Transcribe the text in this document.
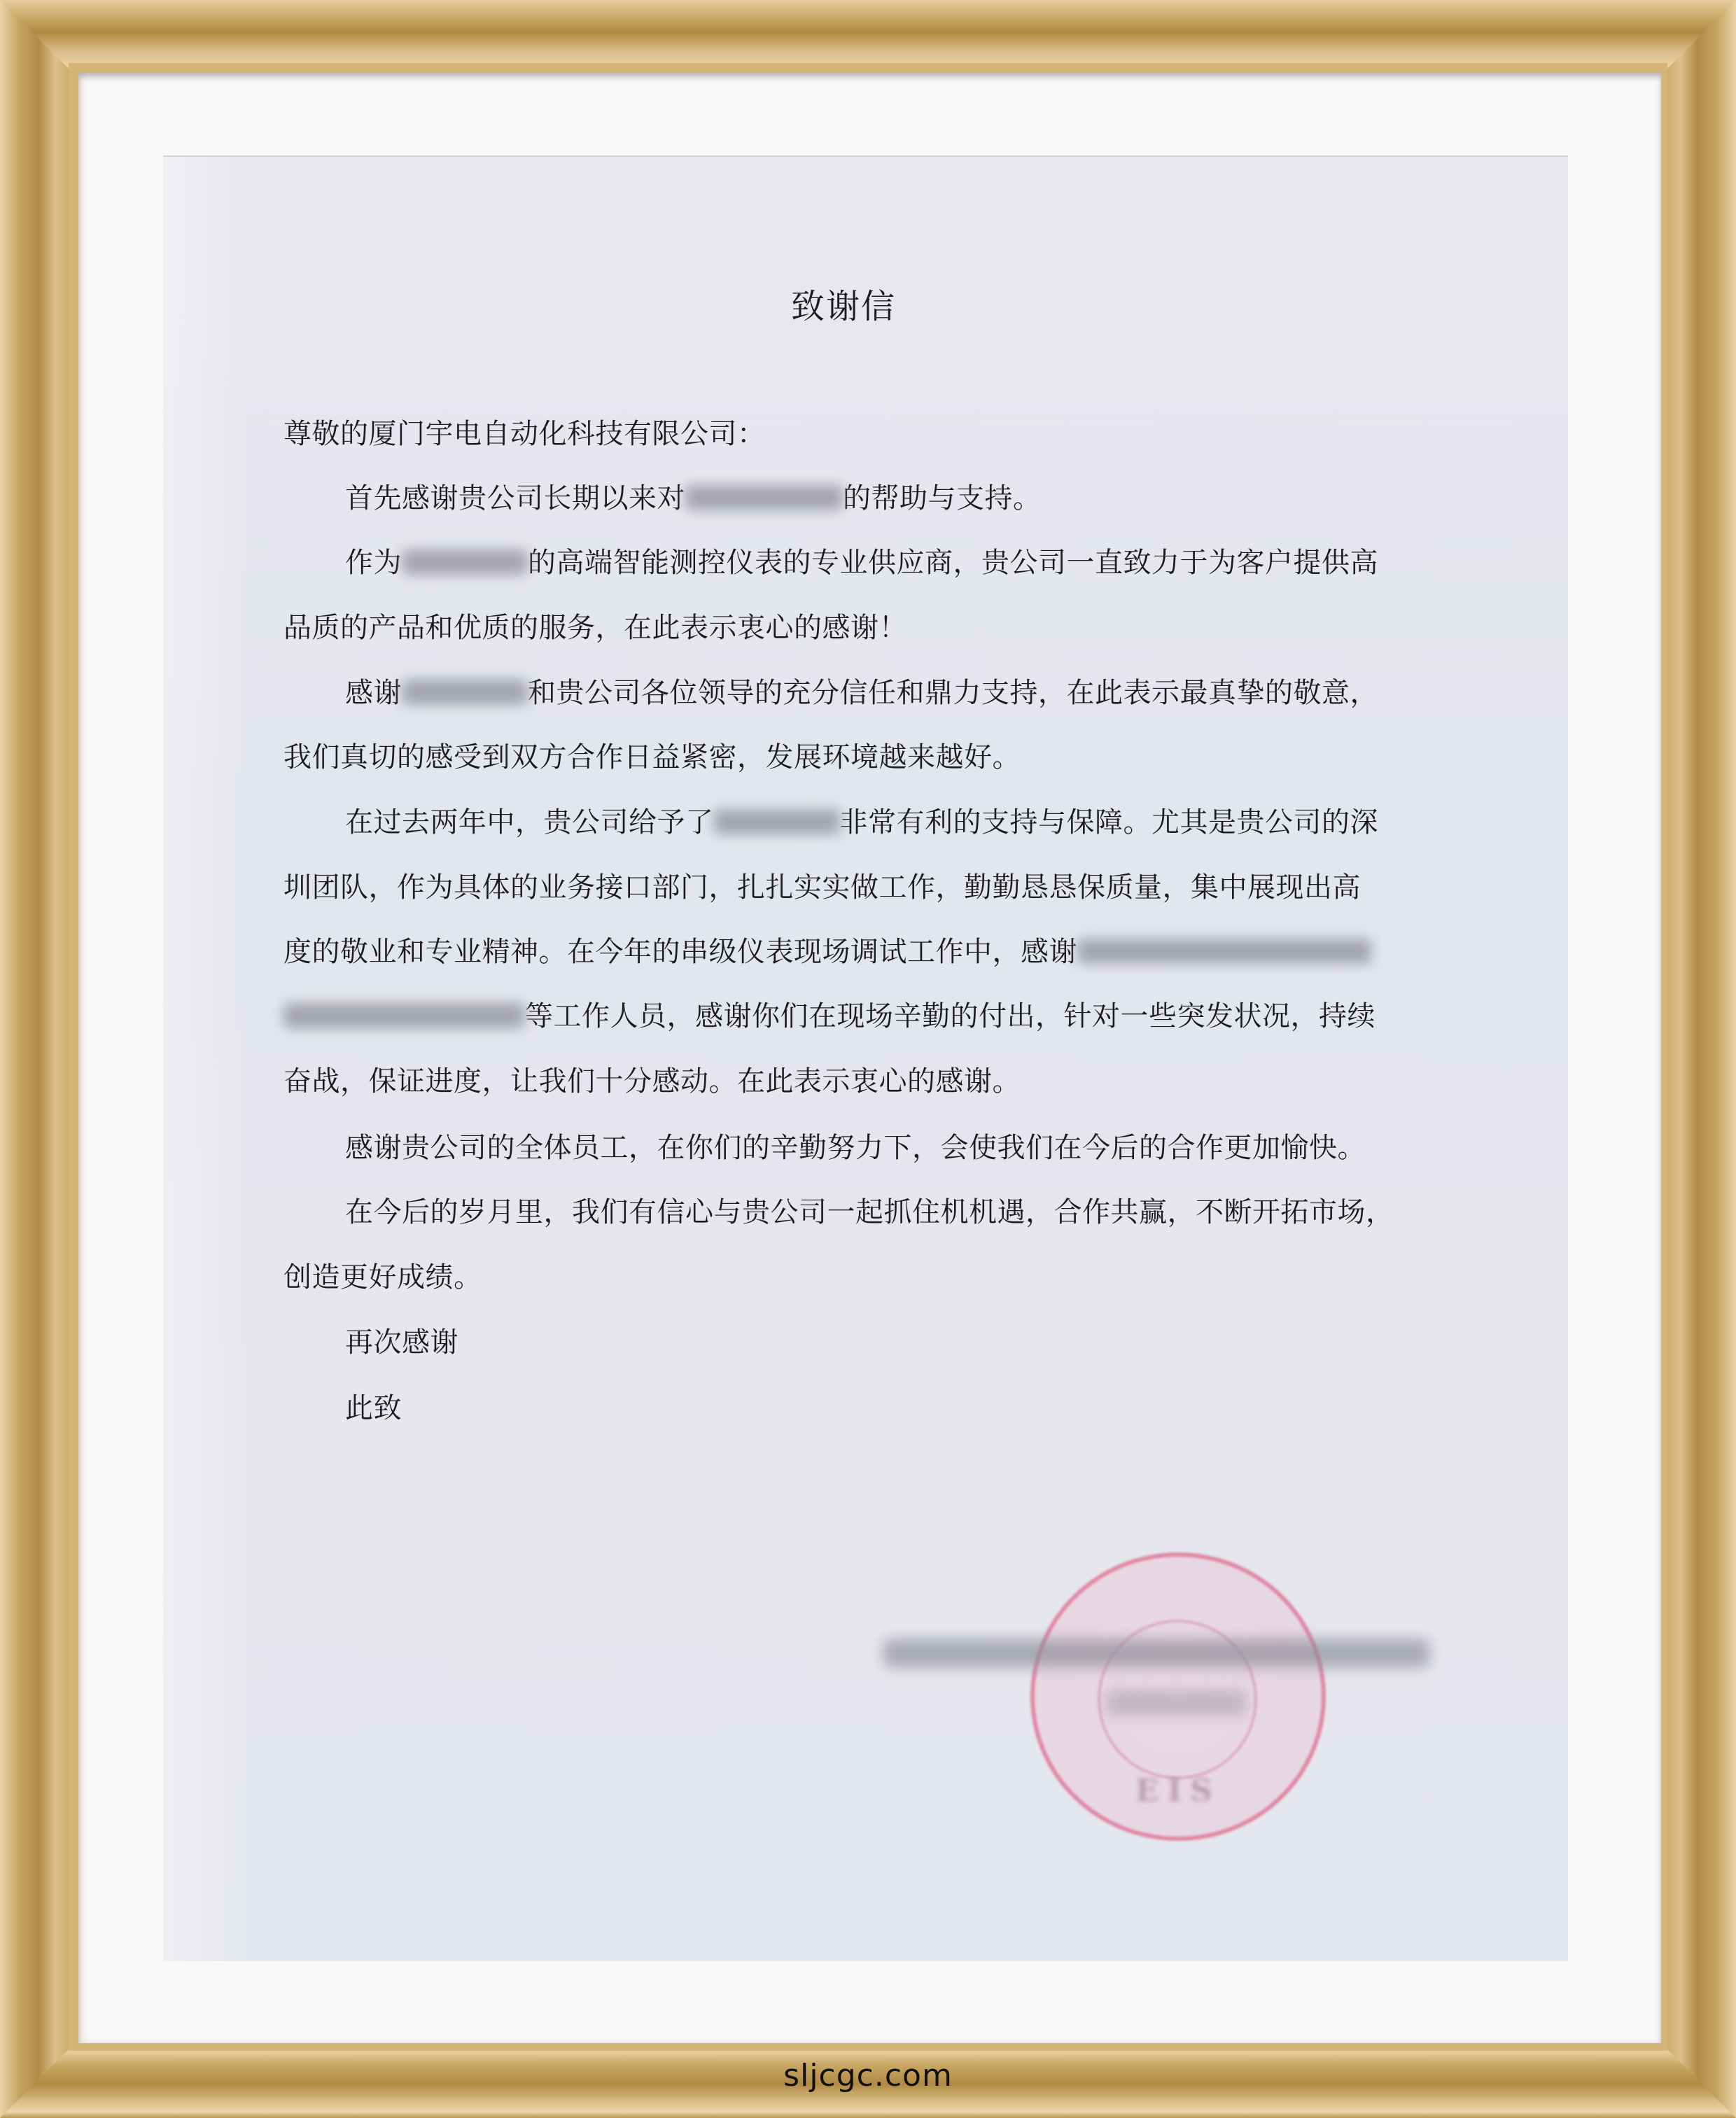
致谢信
尊敬的厦门宇电自动化科技有限公司：
首先感谢贵公司长期以来对	的帮助与支持。
作为	的高端智能测控仪表的专业供应商，贵公司一直致力于为客户提供高
品质的产品和优质的服务，在此表示衷心的感谢！
感谢	和贵公司各位领导的充分信任和鼎力支持，在此表示最真挚的敬意，
我们真切的感受到双方合作日益紧密，发展环境越来越好。
在过去两年中，贵公司给予了	非常有利的支持与保障。尤其是贵公司的深
圳团队，作为具体的业务接口部门，扎扎实实做工作，勤勤恳恳保质量，集中展现出高
度的敬业和专业精神。在今年的串级仪表现场调试工作中，感谢
等工作人员，感谢你们在现场辛勤的付出，针对一些突发状况，持续
奋战，保证进度，让我们十分感动。在此表示衷心的感谢。
感谢贵公司的全体员工，在你们的辛勤努力下，会使我们在今后的合作更加愉快。
在今后的岁月里，我们有信心与贵公司一起抓住机机遇，合作共赢，不断开拓市场，
创造更好成绩。
再次感谢
此致
EIS
sljcgc.com
